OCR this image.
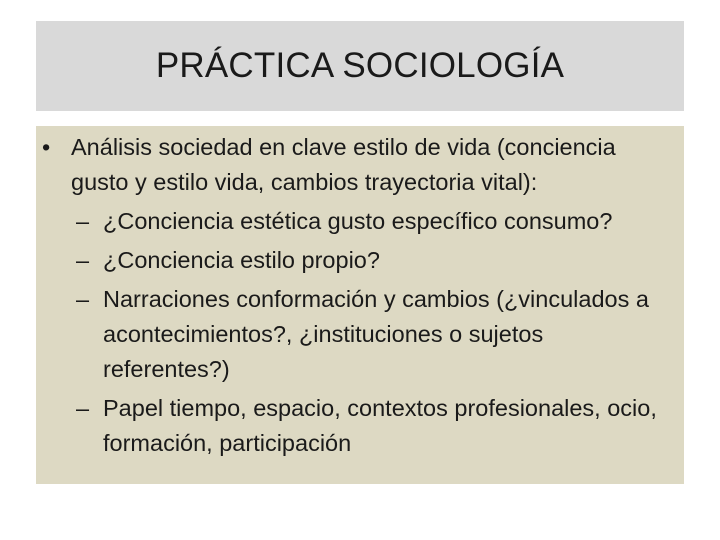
PRÁCTICA SOCIOLOGÍA
• Análisis sociedad en clave estilo de vida (conciencia gusto y estilo vida, cambios trayectoria vital):
– ¿Conciencia estética gusto específico consumo?
– ¿Conciencia estilo propio?
– Narraciones conformación y cambios (¿vinculados a acontecimientos?, ¿instituciones o sujetos referentes?)
– Papel tiempo, espacio, contextos profesionales, ocio, formación, participación
